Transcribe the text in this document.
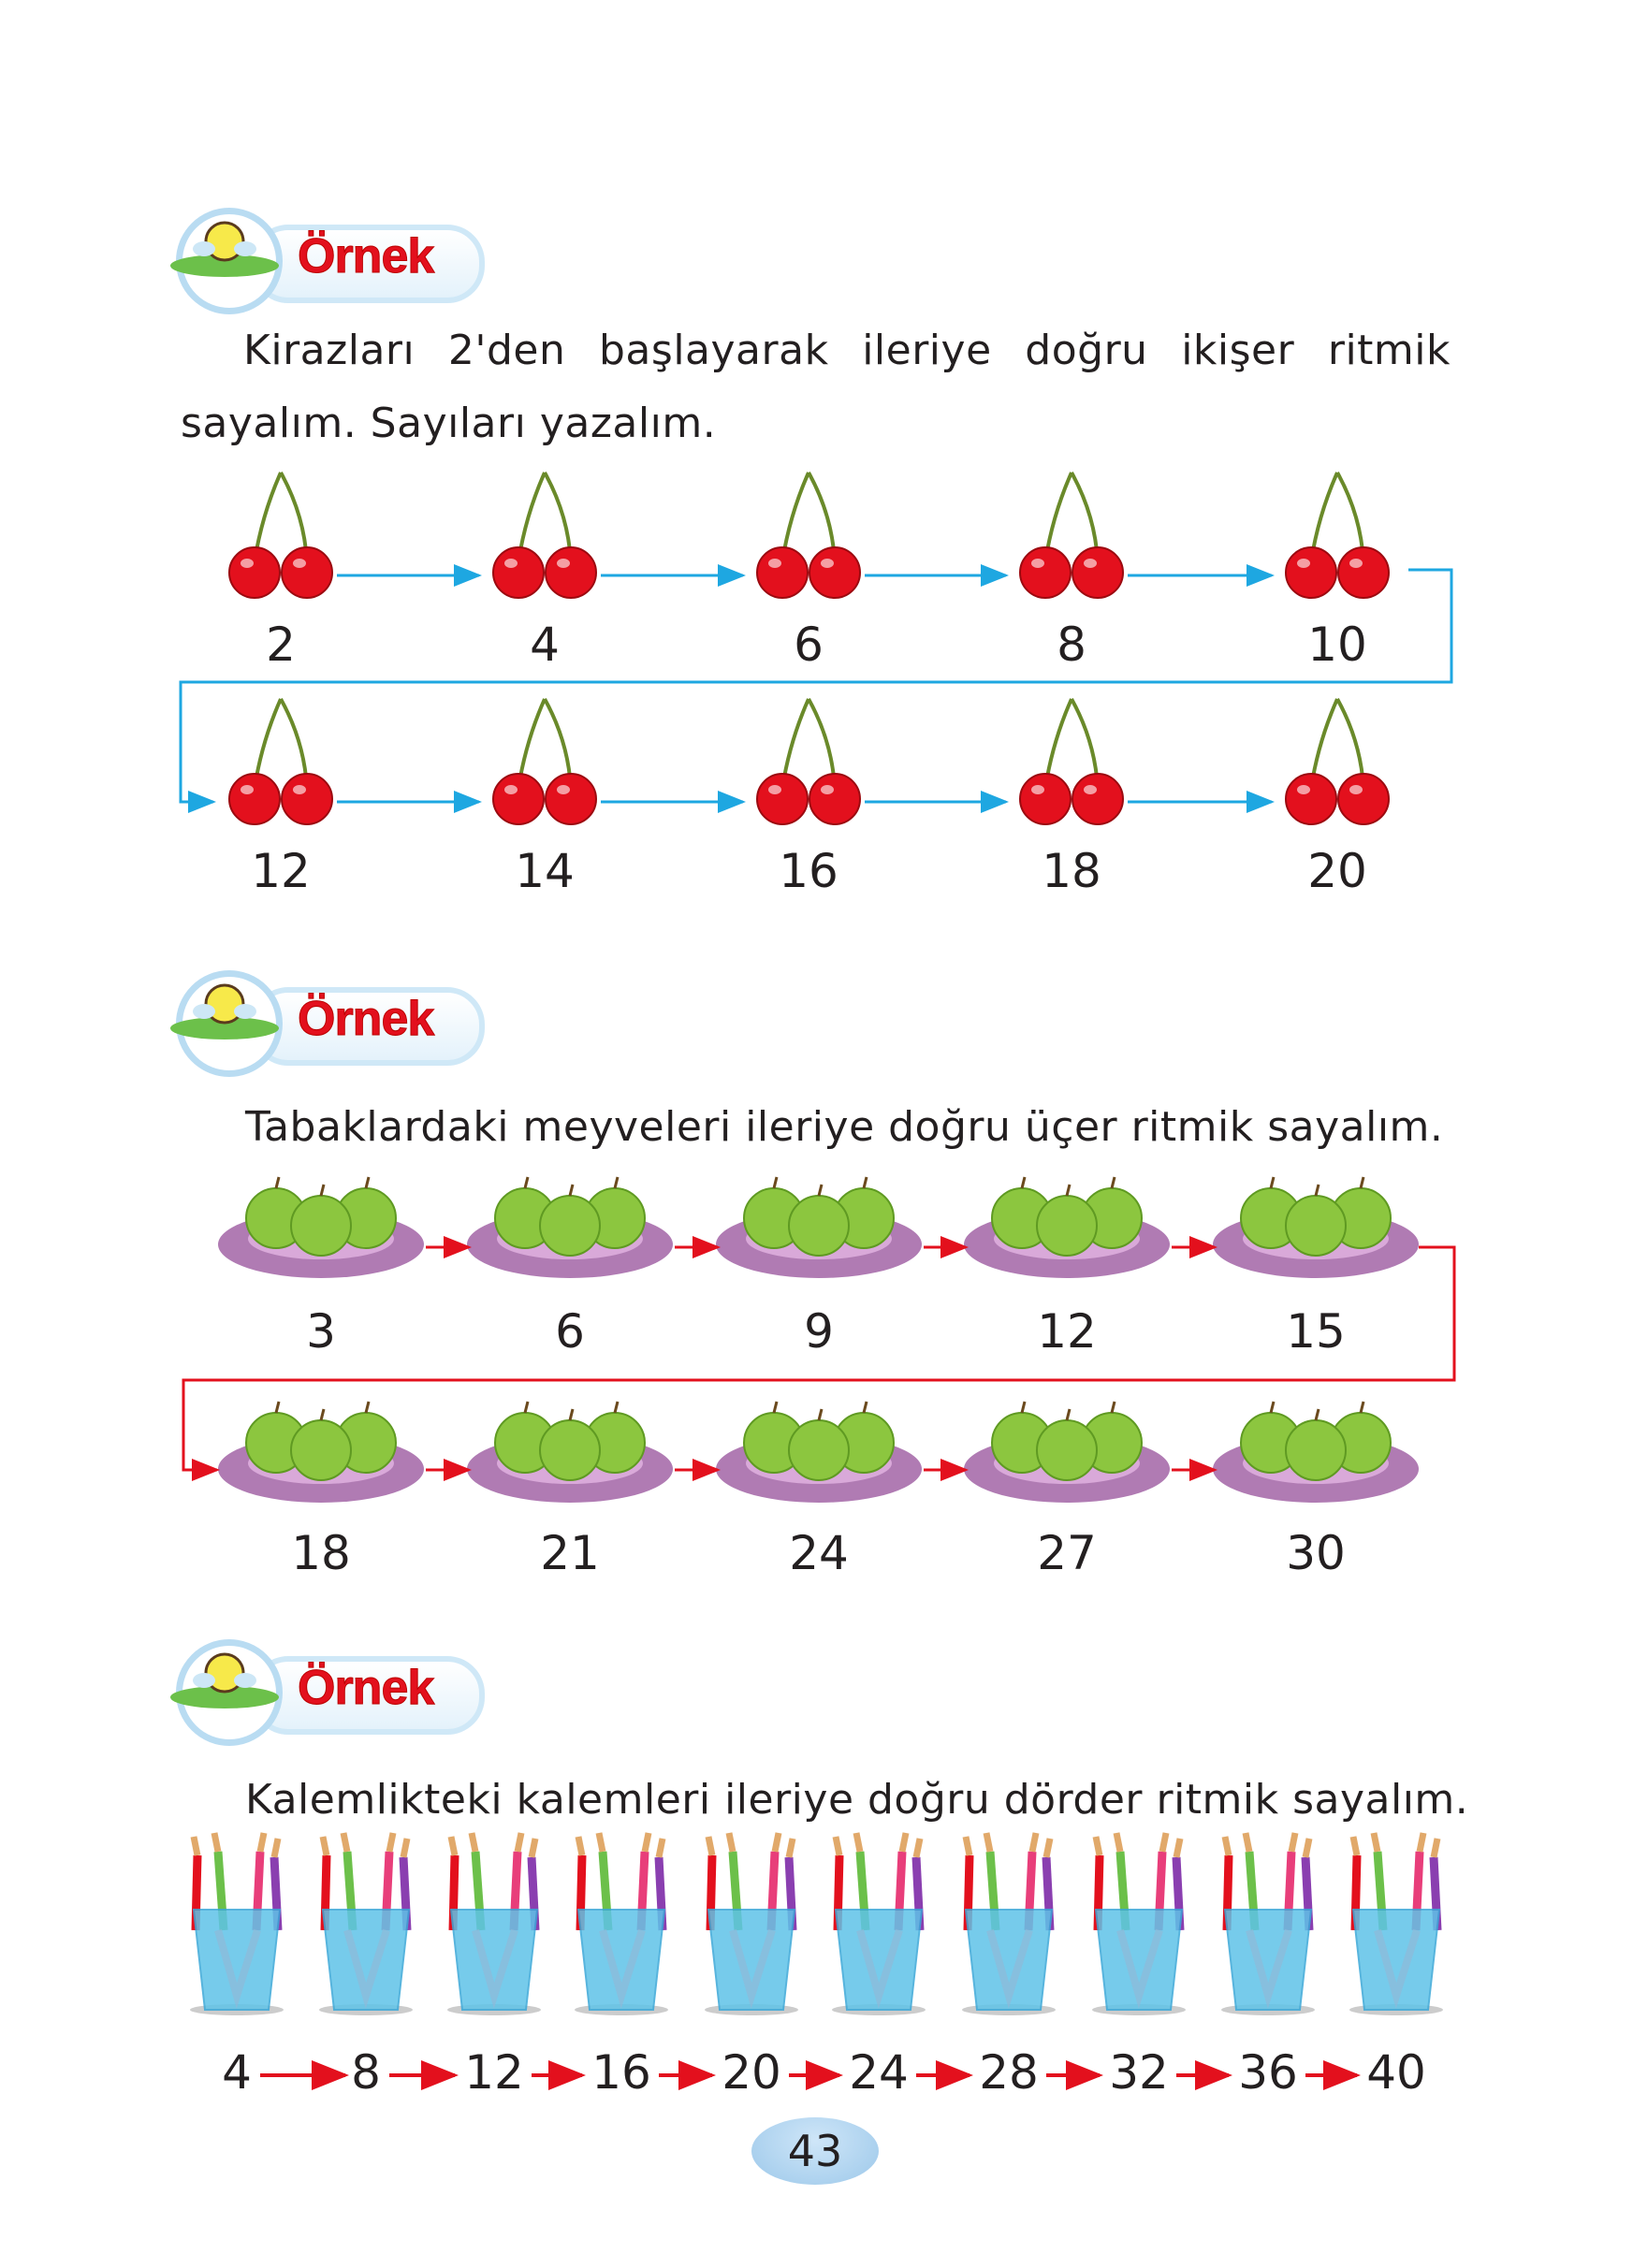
Örnek
Örnek
Örnek
Kirazları 2'den başlayarak ileriye doğru ikişer ritmik
sayalım. Sayıları yazalım.
Tabaklardaki meyveleri ileriye doğru üçer ritmik sayalım.
Kalemlikteki kalemleri ileriye doğru dörder ritmik sayalım.
2	4	6	8	10
12	14	16	18	20
3	6	9	12	15
18	21	24	27	30
4	8	12	16	20	24	28	32	36	40
43
